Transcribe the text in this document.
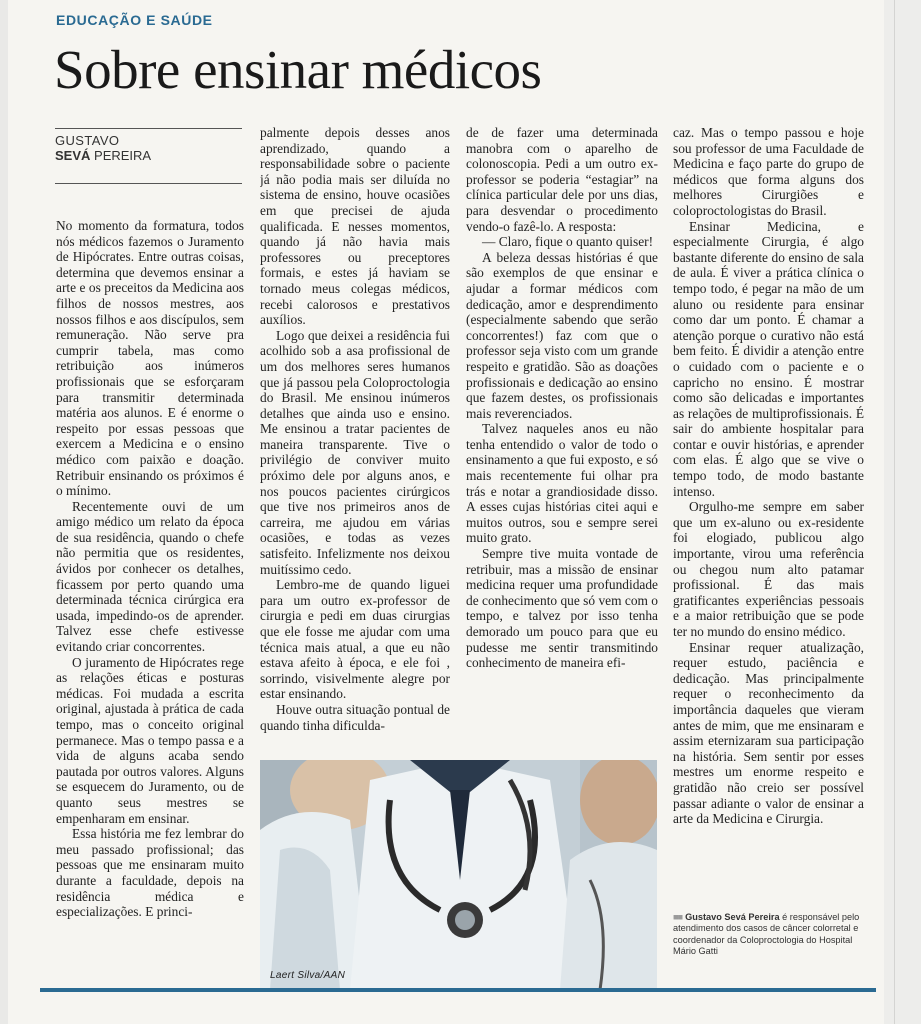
EDUCAÇÃO E SAÚDE
Sobre ensinar médicos
GUSTAVO
SEVÁ PEREIRA

No momento da formatura, todos nós médicos fazemos o Juramento de Hipócrates. Entre outras coisas, determina que devemos ensinar a arte e os preceitos da Medicina aos filhos de nossos mestres, aos nossos filhos e aos discípulos, sem remuneração. Não serve pra cumprir tabela, mas como retribuição aos inúmeros profissionais que se esforçaram para transmitir determinada matéria aos alunos. E é enorme o respeito por essas pessoas que exercem a Medicina e o ensino médico com paixão e doação. Retribuir ensinando os próximos é o mínimo.

Recentemente ouvi de um amigo médico um relato da época de sua residência, quando o chefe não permitia que os residentes, ávidos por conhecer os detalhes, ficassem por perto quando uma determinada técnica cirúrgica era usada, impedindo-os de aprender. Talvez esse chefe estivesse evitando criar concorrentes.

O juramento de Hipócrates rege as relações éticas e posturas médicas. Foi mudada a escrita original, ajustada à prática de cada tempo, mas o conceito original permanece. Mas o tempo passa e a vida de alguns acaba sendo pautada por outros valores. Alguns se esquecem do Juramento, ou de quanto seus mestres se empenharam em ensinar.

Essa história me fez lembrar do meu passado profissional; das pessoas que me ensinaram muito durante a faculdade, depois na residência médica e especializações. E princi-

palmente depois desses anos aprendizado, quando a responsabilidade sobre o paciente já não podia mais ser diluída no sistema de ensino, houve ocasiões em que precisei de ajuda qualificada. E nesses momentos, quando já não havia mais professores ou preceptores formais, e estes já haviam se tornado meus colegas médicos, recebi calorosos e prestativos auxílios.

Logo que deixei a residência fui acolhido sob a asa profissional de um dos melhores seres humanos que já passou pela Coloproctologia do Brasil. Me ensinou inúmeros detalhes que ainda uso e ensino. Me ensinou a tratar pacientes de maneira transparente. Tive o privilégio de conviver muito próximo dele por alguns anos, e nos poucos pacientes cirúrgicos que tive nos primeiros anos de carreira, me ajudou em várias ocasiões, e todas as vezes satisfeito. Infelizmente nos deixou muitíssimo cedo.

Lembro-me de quando liguei para um outro ex-professor de cirurgia e pedi em duas cirurgias que ele fosse me ajudar com uma técnica mais atual, a que eu não estava afeito à época, e ele foi , sorrindo, visivelmente alegre por estar ensinando.

Houve outra situação pontual de quando tinha dificulda-

de de fazer uma determinada manobra com o aparelho de colonoscopia. Pedi a um outro ex-professor se poderia “estagiar” na clínica particular dele por uns dias, para desvendar o procedimento vendo-o fazê-lo. A resposta:

— Claro, fique o quanto quiser!

A beleza dessas histórias é que são exemplos de que ensinar e ajudar a formar médicos com dedicação, amor e desprendimento (especialmente sabendo que serão concorrentes!) faz com que o professor seja visto com um grande respeito e gratidão. São as doações profissionais e dedicação ao ensino que fazem destes, os profissionais mais reverenciados.

Talvez naqueles anos eu não tenha entendido o valor de todo o ensinamento a que fui exposto, e só mais recentemente fui olhar pra trás e notar a grandiosidade disso. A esses cujas histórias citei aqui e muitos outros, sou e sempre serei muito grato.

Sempre tive muita vontade de retribuir, mas a missão de ensinar medicina requer uma profundidade de conhecimento que só vem com o tempo, e talvez por isso tenha demorado um pouco para que eu pudesse me sentir transmitindo conhecimento de maneira efi-

caz. Mas o tempo passou e hoje sou professor de uma Faculdade de Medicina e faço parte do grupo de médicos que forma alguns dos melhores Cirurgiões e coloproctologistas do Brasil.

Ensinar Medicina, e especialmente Cirurgia, é algo bastante diferente do ensino de sala de aula. É viver a prática clínica o tempo todo, é pegar na mão de um aluno ou residente para ensinar como dar um ponto. É chamar a atenção porque o curativo não está bem feito. É dividir a atenção entre o cuidado com o paciente e o capricho no ensino. É mostrar como são delicadas e importantes as relações de multiprofissionais. É sair do ambiente hospitalar para contar e ouvir histórias, e aprender com elas. É algo que se vive o tempo todo, de modo bastante intenso.

Orgulho-me sempre em saber que um ex-aluno ou ex-residente foi elogiado, publicou algo importante, virou uma referência ou chegou num alto patamar profissional. É das mais gratificantes experiências pessoais e a maior retribuição que se pode ter no mundo do ensino médico.

Ensinar requer atualização, requer estudo, paciência e dedicação. Mas principalmente requer o reconhecimento da importância daqueles que vieram antes de mim, que me ensinaram e assim eternizaram sua participação na história. Sem sentir por esses mestres um enorme respeito e gratidão não creio ser possível passar adiante o valor de ensinar a arte da Medicina e Cirurgia.

Laert Silva/AAN
■■ Gustavo Sevá Pereira é responsável pelo atendimento dos casos de câncer colorretal e coordenador da Coloproctologia do Hospital Mário Gatti
